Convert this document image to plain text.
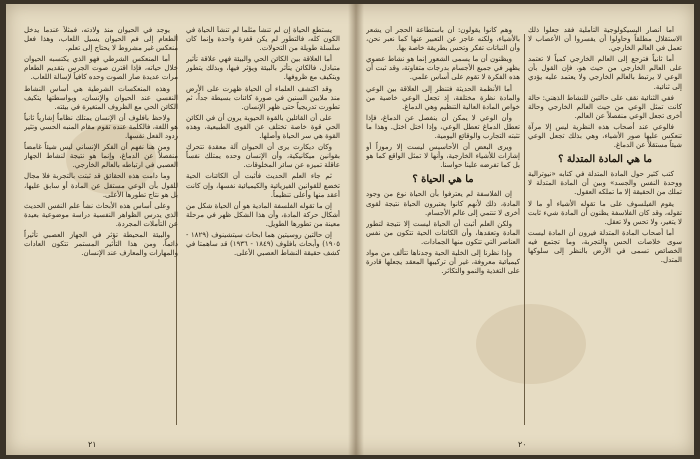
أما أنصار البسيكولوجية التأملية فقد جعلوا ذلك الاستقلال مطلقاً وحاولوا أن يفسروا أن الأعصاب لا تعمل في العالم الخارجي.

أما ثانياً فترجع إلى العالم الخارجي كمياً لا تعتمد على العالم الخارجي من حيث هو، فإن القول بأن الوعي لا يرتبط بالعالم الخارجي ولا يعتمد عليه يؤدي إلى ثنائية.

ففي الثنائية نقف على حالتين للنشاط الذهني: حالة كانت تمثل الوعي من حيث العالم الخارجي وحالة أخرى تجعل الوعي منفصلاً عن العالم.

فالوعي عند أصحاب هذه النظرية ليس إلا مرآة تنعكس عليها صور الأشياء، وهي بذلك تجعل الوعي شيئاً مستقلاً عن الدماغ.

ما هي المادة المتدلة ؟

كتب كثير حول المادة المتدلة في كتابه «نيوترالية ووحدة النفس والجسد» وبين أن المادة المتدلة لا تملك من الحقيقة إلا ما تملكه العقول.

يقوم الفيلسوف على ما تقوله الأشياء أو ما لا تقوله، وقد كان الفلاسفة يظنون أن المادة شيء ثابت لا يتغير، ولا تحس ولا تعقل.

أما أصحاب المادة المتدلة فيرون أن المادة ليست سوى خلاصات الحس والتجربة، وما تجتمع فيه الخصائص تسمى في الأرض بالنظر إلى سلوكها المتدل.

وهم كانوا يقولون: أن باستطاعة الحجر أن يشعر بالأشياء، ولكنه عاجز عن التعبير عنها كما نعبر نحن، وأن النباتات تفكر وتحس بطريقة خاصة بها.

ويظنون أن ما يسمى الشعور إنما هو نشاط عضوي يظهر في جميع الأجسام بدرجات متفاوتة، وقد ثبت أن هذه الفكرة لا تقوم على أساس علمي.

أما الأنظمة الحديثة فتنظر إلى العلاقة بين الوعي والمادة نظرة مختلفة، إذ تجعل الوعي خاصية من خواص المادة العالية التنظيم وهي الدماغ.

وأن الوعي لا يمكن أن ينفصل عن الدماغ، فإذا تعطل الدماغ تعطل الوعي، وإذا اختل اختل. وهذا ما تثبته التجارب والوقائع اليومية.

ويرى البعض أن الأحاسيس ليست إلا رموزاً أو إشارات للأشياء الخارجية، وأنها لا تمثل الواقع كما هو بل كما تفرضه علينا حواسنا.

ما هي الحياة ؟

إن الفلاسفة لم يعترفوا بأن الحياة نوع من وجود المادة، ذلك لأنهم كانوا يعتبرون الحياة نتيجة لقوى أخرى لا تنتمي إلى عالم الأجسام.

ولكن العلم أثبت أن الحياة ليست إلا نتيجة لتطور المادة وتعقدها، وأن الكائنات الحية تتكون من نفس العناصر التي تتكون منها الجمادات.

وإذا نظرنا إلى الخلية الحية وجدناها تتألف من مواد كيميائية معروفة، غير أن تركيبها المعقد يجعلها قادرة على التغذية والنمو والتكاثر.

٢٠

يستطع الحياة إن لم تنشأ مثلما لم تنشأ الحياة في الكون كله، فالتطور لم يكن قفزة واحدة وإنما كان سلسلة طويلة من التحولات.

أما العلاقة بين الكائن الحي والبيئة فهي علاقة تأثير متبادل، فالكائن يتأثر بالبيئة ويؤثر فيها، وبذلك يتطور ويتكيف مع ظروفها.

وقد اكتشف العلماء أن الحياة ظهرت على الأرض منذ ملايين السنين في صورة كائنات بسيطة جداً، ثم تطورت تدريجياً حتى ظهر الإنسان.

على أن القائلين بالقوة الحيوية يرون أن في الكائن الحي قوة خاصة تختلف عن القوى الطبيعية، وهذه القوة هي سر الحياة وأصلها.

وكان ديكارت يرى أن الحيوان آلة معقدة تتحرك بقوانين ميكانيكية، وأن الإنسان وحده يمتلك نفساً عاقلة تميزه عن سائر المخلوقات.

ثم جاء العلم الحديث فأثبت أن الكائنات الحية تخضع للقوانين الفيزيائية والكيميائية نفسها، وإن كانت أعقد منها وأعلى تنظيماً.

إن ما تقوله الفلسفة المادية هو أن الحياة شكل من أشكال حركة المادة، وأن هذا الشكل ظهر في مرحلة معينة من تطورها الطويل.

إن حالتين روسيتين هما ابحاث سيتشينوف (١٨٢٩ - ١٩٠٥) وأبحاث بافلوف (١٨٤٩ - ١٩٣٦) قد ساهمتا في كشف حقيقة النشاط العصبي الأعلى.

يوجد في الحيوان منذ ولادته، فمثلاً عندما يدخل الطعام إلى فم الحيوان يسيل اللعاب، وهذا فعل منعكس غير مشروط لا يحتاج إلى تعلم.

أما المنعكس الشرطي فهو الذي يكتسبه الحيوان خلال حياته، فإذا اقترن صوت الجرس بتقديم الطعام مرات عديدة صار الصوت وحده كافياً لإسالة اللعاب.

وهذه المنعكسات الشرطية هي أساس النشاط النفسي عند الحيوان والإنسان، وبواسطتها يتكيف الكائن الحي مع الظروف المتغيرة في بيئته.

ولاحظ بافلوف أن الإنسان يمتلك نظاماً إشارياً ثانياً هو اللغة، فالكلمة عنده تقوم مقام المنبه الحسي وتثير ردود الفعل نفسها.

ومن هنا نفهم أن الفكر الإنساني ليس شيئاً غامضاً منفصلاً عن الدماغ، وإنما هو نتيجة لنشاط الجهاز العصبي في ارتباطه بالعالم الخارجي.

وما دامت هذه الحقائق قد ثبتت بالتجربة فلا مجال للقول بأن الوعي مستقل عن المادة أو سابق عليها، بل هو نتاج تطورها الأعلى.

وعلى أساس هذه الأبحاث نشأ علم النفس الحديث الذي يدرس الظواهر النفسية دراسة موضوعية بعيدة عن التأملات المجردة.

والبيئة المحيطة تؤثر في الجهاز العصبي تأثيراً دائماً، ومن هذا التأثير المستمر تتكون العادات والمهارات والمعارف عند الإنسان.

٢١
